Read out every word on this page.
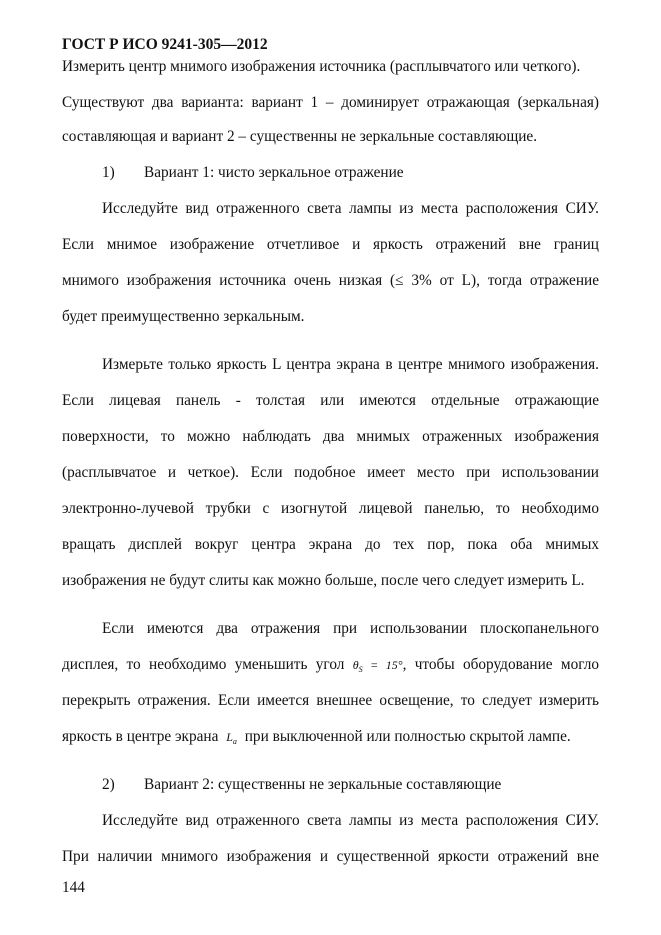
ГОСТ Р ИСО 9241-305—2012
Измерить центр мнимого изображения источника (расплывчатого или четкого).
Существуют два варианта: вариант 1 – доминирует отражающая (зеркальная)
составляющая и вариант 2 – существенны не зеркальные составляющие.
1) Вариант 1: чисто зеркальное отражение
Исследуйте вид отраженного света лампы из места расположения СИУ.
Если мнимое изображение отчетливое и яркость отражений вне границ
мнимого изображения источника очень низкая (≤ 3% от L), тогда отражение
будет преимущественно зеркальным.
Измерьте только яркость L центра экрана в центре мнимого изображения.
Если лицевая панель - толстая или имеются отдельные отражающие
поверхности, то можно наблюдать два мнимых отраженных изображения
(расплывчатое и четкое). Если подобное имеет место при использовании
электронно-лучевой трубки с изогнутой лицевой панелью, то необходимо
вращать дисплей вокруг центра экрана до тех пор, пока оба мнимых
изображения не будут слиты как можно больше, после чего следует измерить L.
Если имеются два отражения при использовании плоскопанельного
дисплея, то необходимо уменьшить угол $\theta_S = 15^\circ$, чтобы оборудование могло
перекрыть отражения. Если имеется внешнее освещение, то следует измерить
яркость в центре экрана $L_a$ при выключенной или полностью скрытой лампе.
2) Вариант 2: существенны не зеркальные составляющие
Исследуйте вид отраженного света лампы из места расположения СИУ.
При наличии мнимого изображения и существенной яркости отражений вне
144
